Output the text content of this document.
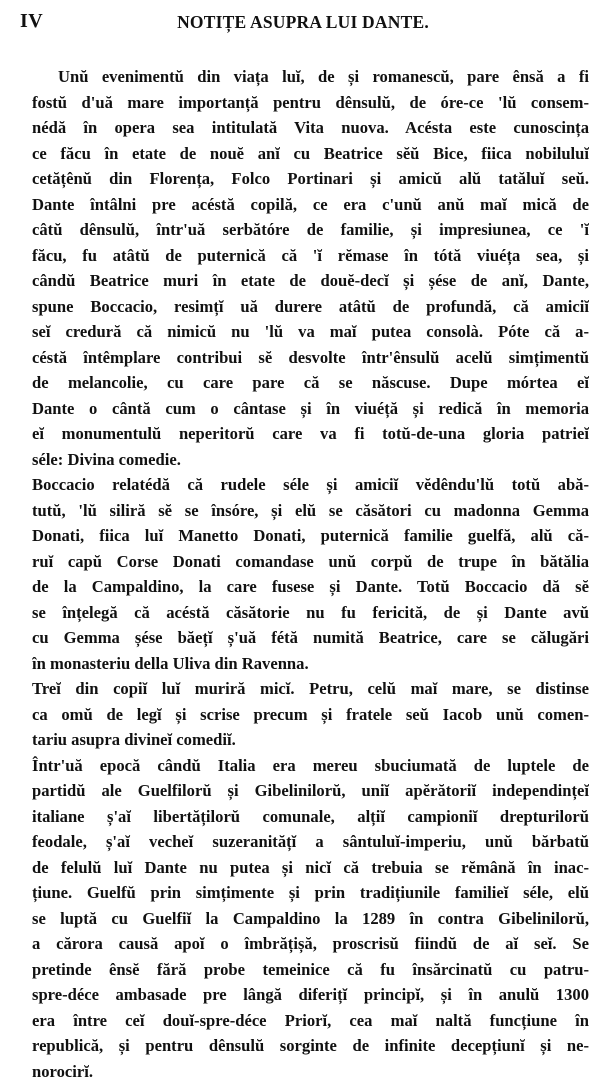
IV	NOTIȚE ASUPRA LUI DANTE.
Unŭ evenimentŭ din viața luĭ, de și romanescŭ, pare ênsă a fi
fostŭ d'uă mare importanță pentru dênsulŭ, de óre-ce 'lŭ consem-
nédă în opera sea intitulată Vita nuova. Acésta este cunoscința
ce făcu în etate de nouĕ anĭ cu Beatrice sĕŭ Bice, fiica nobiluluĭ
cetățênŭ din Florența, Folco Portinari și amicŭ alŭ tatăluĭ seŭ.
Dante întâlni pre acéstă copilă, ce era c'unŭ anŭ maĭ mică de
câtŭ dênsulŭ, într'uă serbătóre de familie, și impresiunea, ce 'ĭ
făcu, fu atâtŭ de puternică că 'ĭ rĕmase în tótă viuéța sea, și
cândŭ Beatrice muri în etate de douĕ-decĭ și șése de anĭ, Dante,
spune Boccacio, resimțĭ uă durere atâtŭ de profundă, că amiciĭ
seĭ credură că nimicŭ nu 'lŭ va maĭ putea consolà. Póte că a-
céstă întêmplare contribui sĕ desvolte într'ênsulŭ acelŭ simțimentŭ
de melancolie, cu care pare că se născuse. Dupe mórtea eĭ
Dante o cântă cum o cântase și în viuéță și redică în memoria
eĭ monumentulŭ neperitorŭ care va fi totŭ-de-una gloria patrieĭ
séle: Divina comedie.
Boccacio relatédă că rudele séle și amiciĭ vĕdêndu'lŭ totŭ abă-
tutŭ, 'lŭ siliră sĕ se însóre, și elŭ se căsători cu madonna Gemma
Donati, fiica luĭ Manetto Donati, puternică familie guelfă, alŭ că-
ruĭ capŭ Corse Donati comandase unŭ corpŭ de trupe în bătălia
de la Campaldino, la care fusese și Dante. Totŭ Boccacio dă sĕ
se înțelegă că acéstă căsătorie nu fu fericită, de și Dante avŭ
cu Gemma șése băețĭ ș'uă fétă numită Beatrice, care se călugări
în monasteriu della Uliva din Ravenna.
Treĭ din copiĭ luĭ muriră micĭ. Petru, celŭ maĭ mare, se distinse
ca omŭ de legĭ și scrise precum și fratele seŭ Iacob unŭ comen-
tariu asupra divineĭ comediĭ.
Într'uă epocă cândŭ Italia era mereu sbuciumată de luptele de
partidŭ ale Guelfilorŭ și Gibelinilorŭ, uniĭ apĕrătoriĭ independințeĭ
italiane ș'aĭ libertățilorŭ comunale, alțiĭ campioniĭ drepturilorŭ
feodale, ș'aĭ vecheĭ suzeranitățĭ a sântuluĭ-imperiu, unŭ bărbatŭ
de felulŭ luĭ Dante nu putea și nicĭ că trebuia se rĕmână în inac-
țiune. Guelfŭ prin simțimente și prin tradițiunile familieĭ séle, elŭ
se luptă cu Guelfiĭ la Campaldino la 1289 în contra Gibelinilorŭ,
a cărora causă apoĭ o îmbrățișă, proscrisŭ fiindŭ de aĭ seĭ. Se
pretinde ênsĕ fără probe temeinice că fu însărcinatŭ cu patru-
spre-déce ambasade pre lângă diferițĭ principĭ, și în anulŭ 1300
era între ceĭ douĭ-spre-déce Priorĭ, cea maĭ naltă funcțiune în
republică, și pentru dênsulŭ sorginte de infinite decepțiunĭ și ne-
norocirĭ.
